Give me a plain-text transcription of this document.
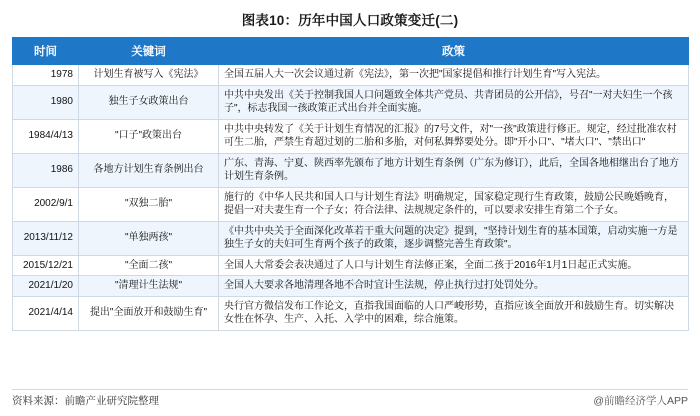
图表10：历年中国人口政策变迁(二)
时间	关键词	政策
1978	计划生育被写入《宪法》	全国五届人大一次会议通过新《宪法》，第一次把"国家提倡和推行计划生育"写入宪法。
1980	独生子女政策出台	中共中央发出《关于控制我国人口问题致全体共产党员、共青团员的公开信》，号召"一对夫妇生一个孩子"，标志我国一孩政策正式出台并全面实施。
1984/4/13	"口子"政策出台	中共中央转发了《关于计划生育情况的汇报》的7号文件，对"一孩"政策进行修正。规定，经过批准农村可生二胎，严禁生育超过划的二胎和多胎，对何私舞弊要处分。即"开小口"、"堵大口"、"禁出口"
1986	各地方计划生育条例出台	广东、青海、宁夏、陕西率先颁布了地方计划生育条例（广东为修订），此后，全国各地相继出台了地方计划生育条例。
2002/9/1	"双独二胎"	施行的《中华人民共和国人口与计划生育法》明确规定，国家稳定现行生育政策，鼓励公民晚婚晚育，提倡一对夫妻生育一个子女；符合法律、法规规定条件的，可以要求安排生育第二个子女。
2013/11/12	"单独两孩"	《中共中央关于全面深化改革若干重大问题的决定》提到，"坚持计划生育的基本国策，启动实施一方是独生子女的夫妇可生育两个孩子的政策，逐步调整完善生育政策"。
2015/12/21	"全面二孩"	全国人大常委会表决通过了人口与计划生育法修正案，全面二孩于2016年1月1日起正式实施。
2021/1/20	"清理计生法规"	全国人大要求各地清理各地不合时宜计生法规，停止执行过打处罚处分。
2021/4/14	提出"全面放开和鼓励生育"	央行官方微信发布工作论文，直指我国面临的人口严峻形势，直指应该全面放开和鼓励生育。切实解决女性在怀孕、生产、入托、入学中的困难，综合施策。
资料来源：前瞻产业研究院整理	@前瞻经济学人APP
